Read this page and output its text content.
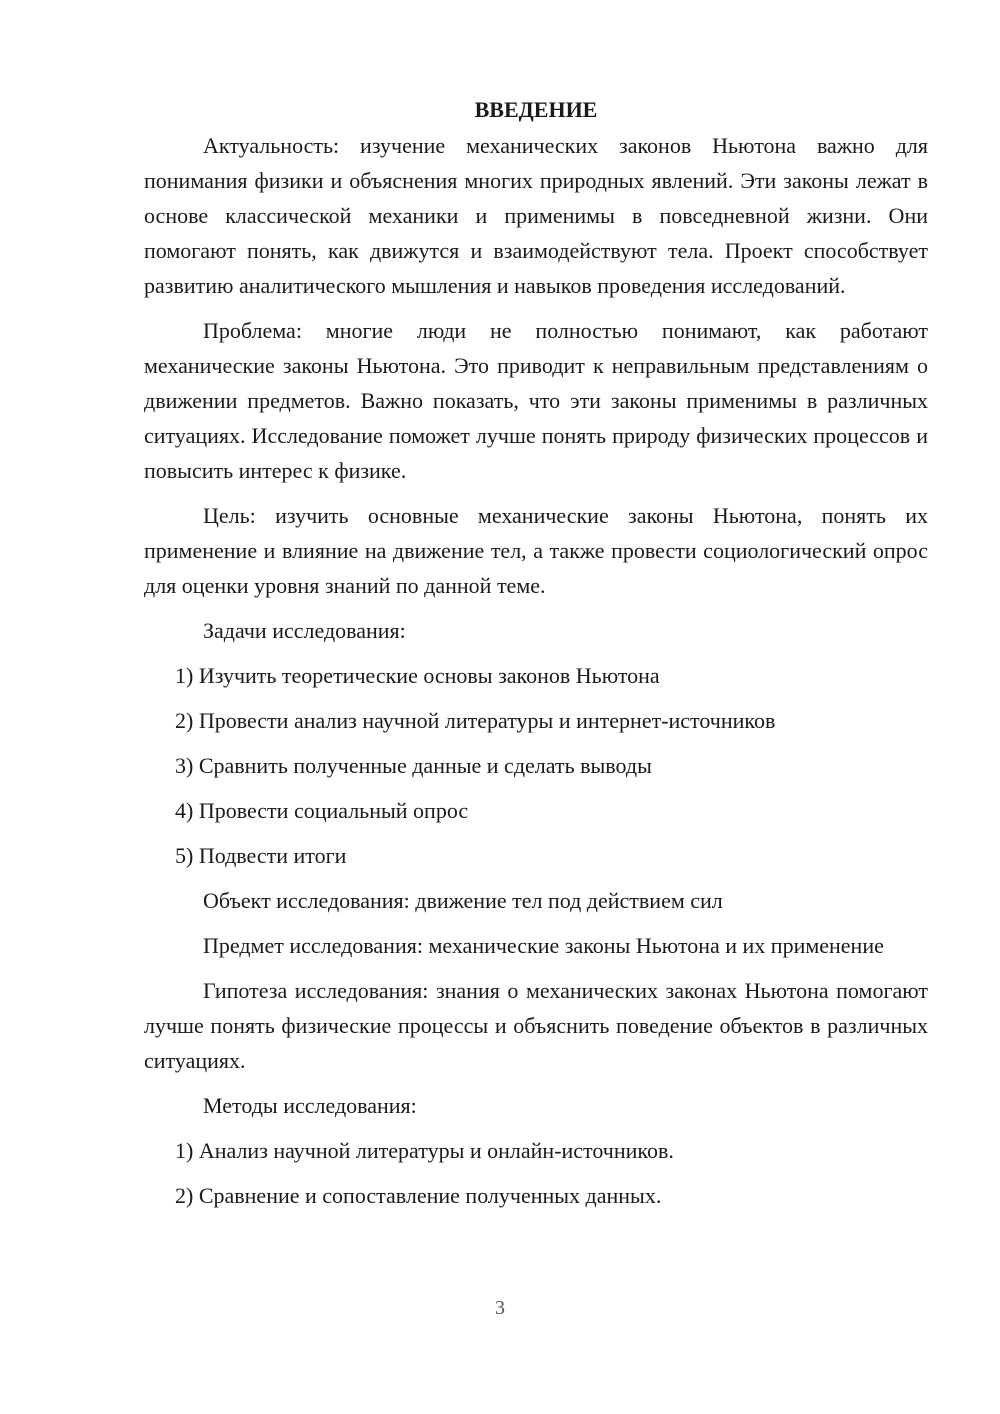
ВВЕДЕНИЕ

Актуальность: изучение механических законов Ньютона важно для понимания физики и объяснения многих природных явлений. Эти законы лежат в основе классической механики и применимы в повседневной жизни. Они помогают понять, как движутся и взаимодействуют тела. Проект способствует развитию аналитического мышления и навыков проведения исследований.

Проблема: многие люди не полностью понимают, как работают механические законы Ньютона. Это приводит к неправильным представлениям о движении предметов. Важно показать, что эти законы применимы в различных ситуациях. Исследование поможет лучше понять природу физических процессов и повысить интерес к физике.

Цель: изучить основные механические законы Ньютона, понять их применение и влияние на движение тел, а также провести социологический опрос для оценки уровня знаний по данной теме.

Задачи исследования:
1) Изучить теоретические основы законов Ньютона
2) Провести анализ научной литературы и интернет-источников
3) Сравнить полученные данные и сделать выводы
4) Провести социальный опрос
5) Подвести итоги

Объект исследования: движение тел под действием сил

Предмет исследования: механические законы Ньютона и их применение

Гипотеза исследования: знания о механических законах Ньютона помогают лучше понять физические процессы и объяснить поведение объектов в различных ситуациях.

Методы исследования:
1) Анализ научной литературы и онлайн-источников.
2) Сравнение и сопоставление полученных данных.
3
